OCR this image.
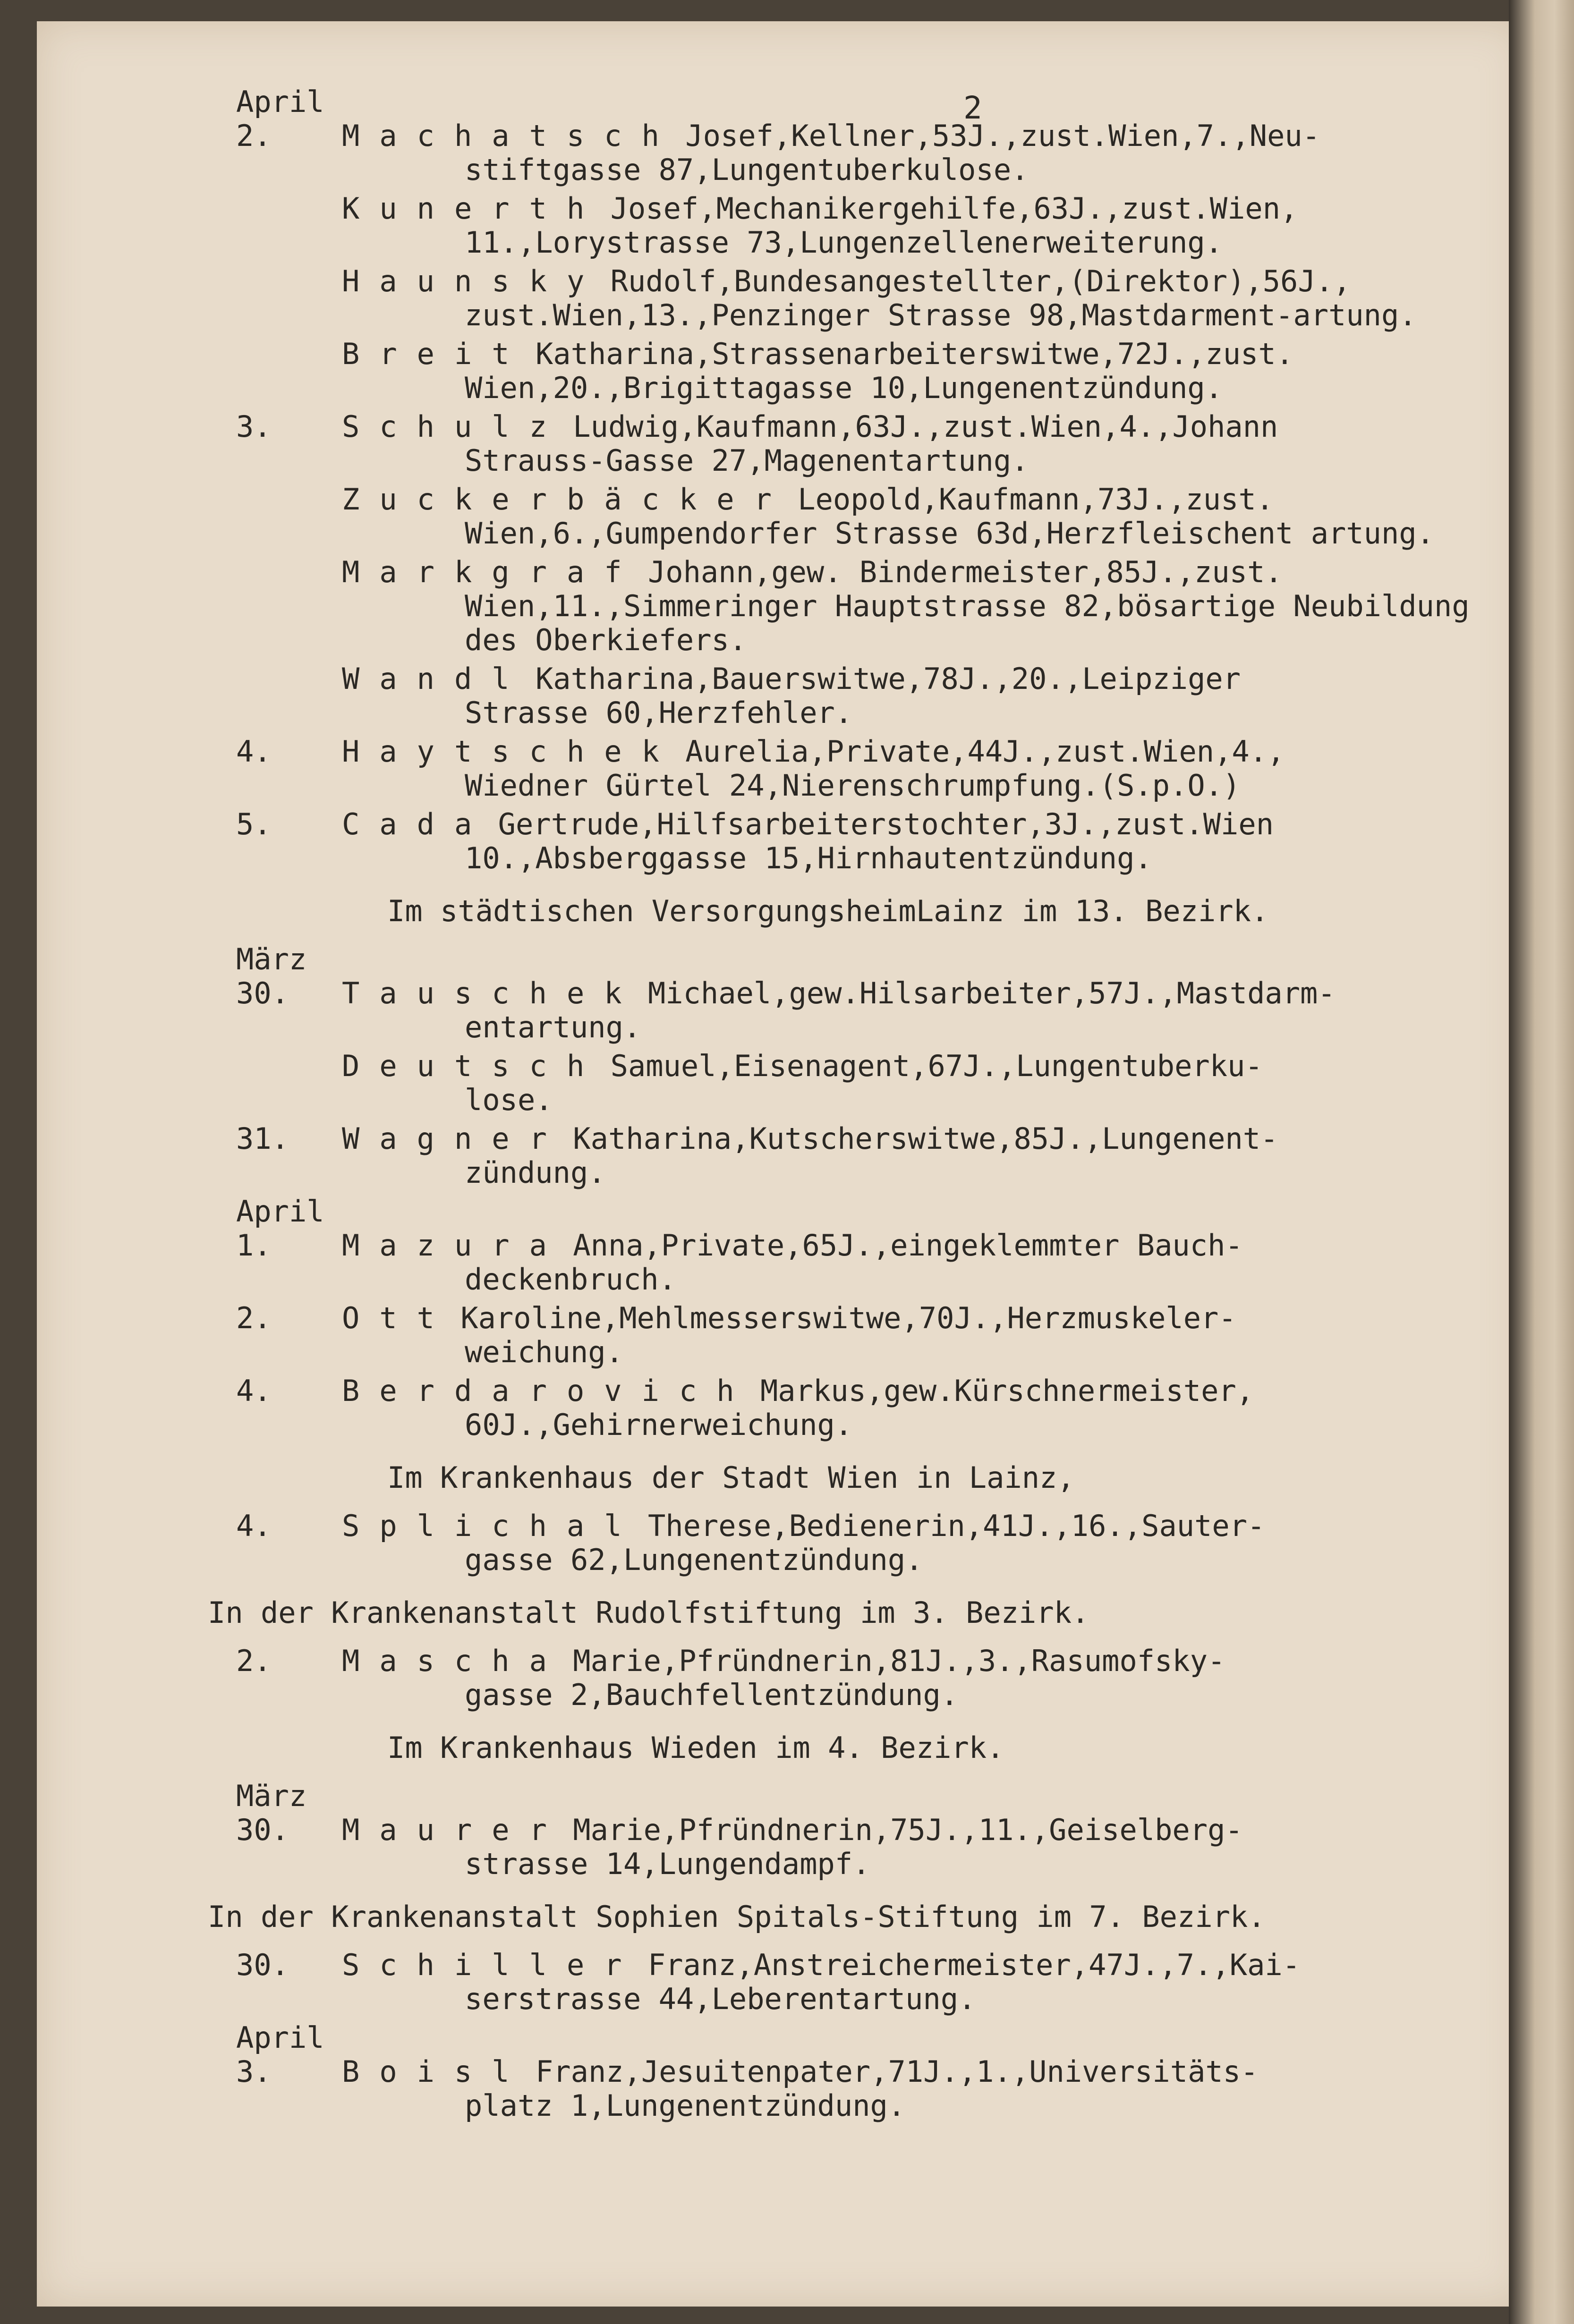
2
April
2.	Machatsch Josef,Kellner,53J.,zust.Wien,7.,Neu-
stiftgasse 87,Lungentuberkulose.
Kunerth Josef,Mechanikergehilfe,63J.,zust.Wien,
11.,Lorystrasse 73,Lungenzellenerweiterung.
Haunsky Rudolf,Bundesangestellter,(Direktor),56J.,
zust.Wien,13.,Penzinger Strasse 98,Mastdarment-artung.
Breit Katharina,Strassenarbeiterswitwe,72J.,zust.
Wien,20.,Brigittagasse 10,Lungenentzündung.
3.	Schulz Ludwig,Kaufmann,63J.,zust.Wien,4.,Johann
Strauss-Gasse 27,Magenentartung.
Zuckerbäcker Leopold,Kaufmann,73J.,zust.
Wien,6.,Gumpendorfer Strasse 63d,Herzfleischent artung.
Markgraf Johann,gew. Bindermeister,85J.,zust.
Wien,11.,Simmeringer Hauptstrasse 82,bösartige Neubildung des Oberkiefers.
Wandl Katharina,Bauerswitwe,78J.,20.,Leipziger
Strasse 60,Herzfehler.
4.	Haytschek Aurelia,Private,44J.,zust.Wien,4.,
Wiedner Gürtel 24,Nierenschrumpfung.(S.p.O.)
5.	Cada Gertrude,Hilfsarbeiterstochter,3J.,zust.Wien
10.,Absberggasse 15,Hirnhautentzündung.
Im städtischen VersorgungsheimLainz im 13. Bezirk.
März
30.	Tauschek Michael,gew.Hilsarbeiter,57J.,Mastdarm-
entartung.
Deutsch Samuel,Eisenagent,67J.,Lungentuberku-
lose.
31.	Wagner Katharina,Kutscherswitwe,85J.,Lungenent-
zündung.
April
1.	Mazura Anna,Private,65J.,eingeklemmter Bauch-
deckenbruch.
2.	Ott Karoline,Mehlmesserswitwe,70J.,Herzmuskeler-
weichung.
4.	Berdarovich Markus,gew.Kürschnermeister,
60J.,Gehirnerweichung.
Im Krankenhaus der Stadt Wien in Lainz,
4.	Splichal Therese,Bedienerin,41J.,16.,Sauter-
gasse 62,Lungenentzündung.
In der Krankenanstalt Rudolfstiftung im 3. Bezirk.
2.	Mascha Marie,Pfründnerin,81J.,3.,Rasumofsky-
gasse 2,Bauchfellentzündung.
Im Krankenhaus Wieden im 4. Bezirk.
März
30.	Maurer Marie,Pfründnerin,75J.,11.,Geiselberg-
strasse 14,Lungendampf.
In der Krankenanstalt Sophien Spitals-Stiftung im 7. Bezirk.
30.	Schiller Franz,Anstreichermeister,47J.,7.,Kai-
serstrasse 44,Leberentartung.
April
3.	Boisl Franz,Jesuitenpater,71J.,1.,Universitäts-
platz 1,Lungenentzündung.
